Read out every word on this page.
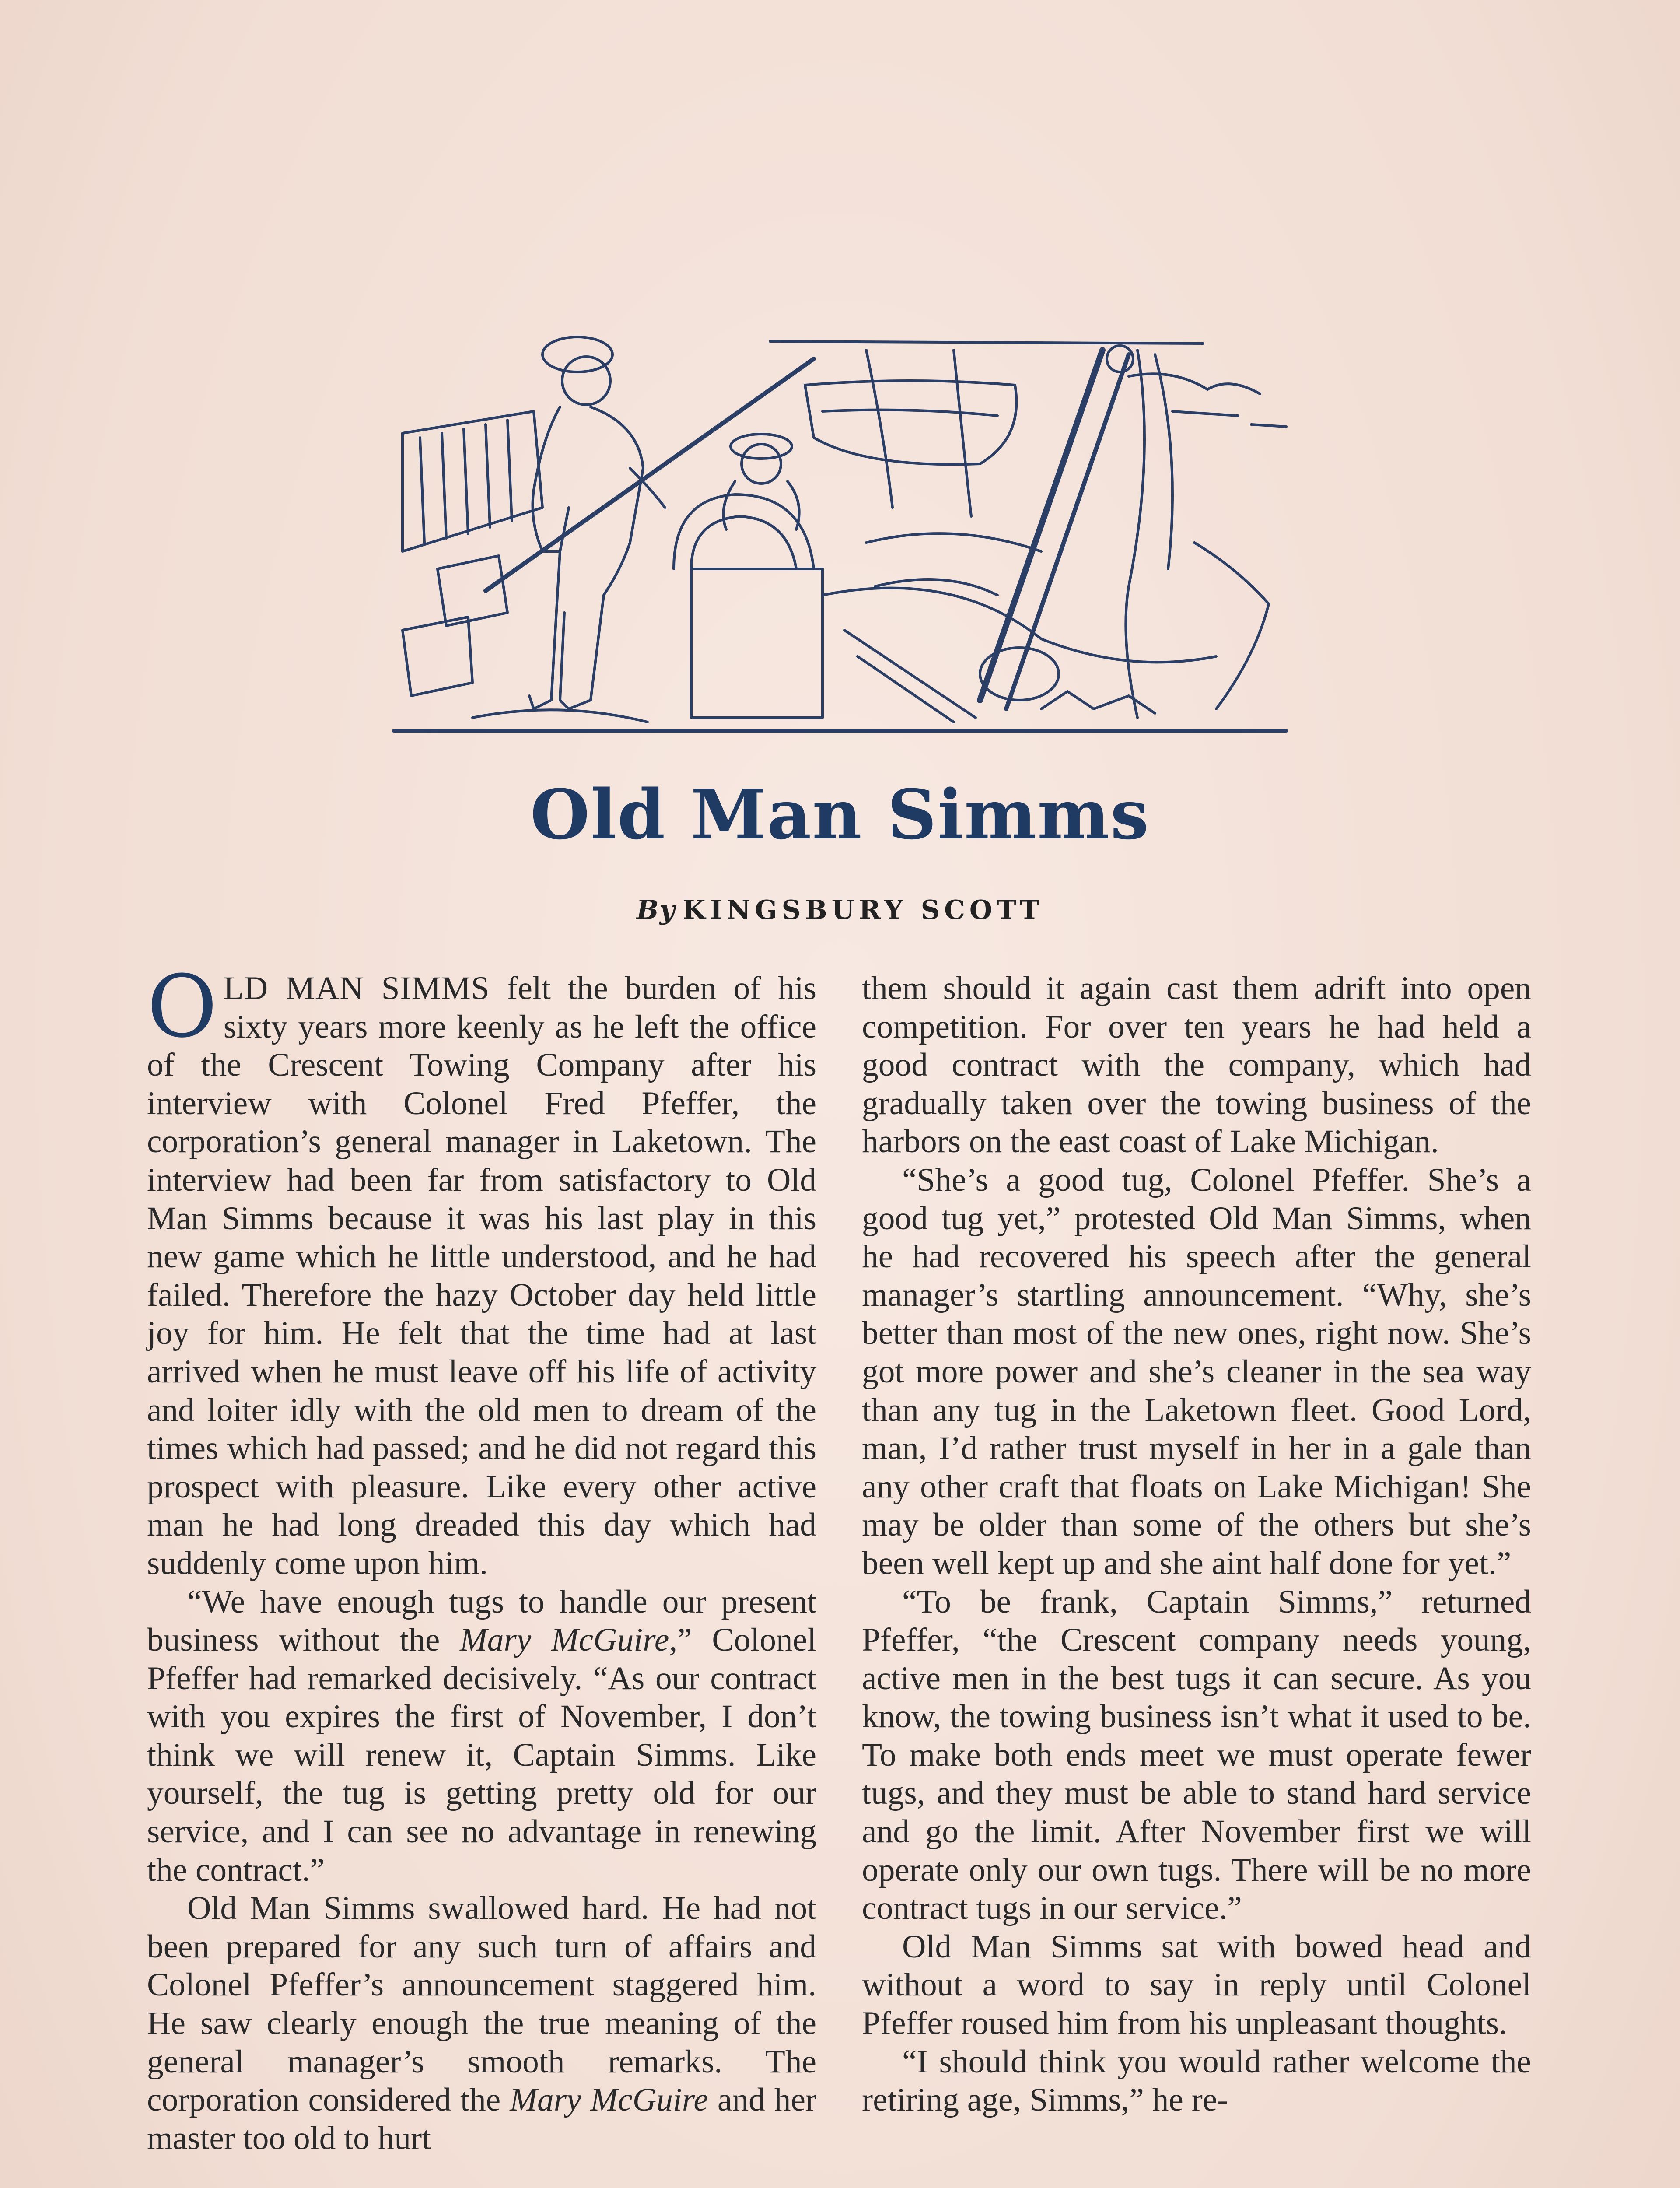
Old Man Simms
By KINGSBURY SCOTT

OLD MAN SIMMS felt the burden of his sixty years more keenly as he left the office of the Crescent Towing Company after his interview with Colonel Fred Pfeffer, the corporation’s general manager in Laketown. The interview had been far from satisfactory to Old Man Simms because it was his last play in this new game which he little understood, and he had failed. Therefore the hazy October day held little joy for him. He felt that the time had at last arrived when he must leave off his life of activity and loiter idly with the old men to dream of the times which had passed; and he did not regard this prospect with pleasure. Like every other active man he had long dreaded this day which had suddenly come upon him.

“We have enough tugs to handle our present business without the Mary McGuire,” Colonel Pfeffer had remarked decisively. “As our contract with you expires the first of November, I don’t think we will renew it, Captain Simms. Like yourself, the tug is getting pretty old for our service, and I can see no advantage in renewing the contract.”

Old Man Simms swallowed hard. He had not been prepared for any such turn of affairs and Colonel Pfeffer’s announcement staggered him. He saw clearly enough the true meaning of the general manager’s smooth remarks. The corporation considered the Mary McGuire and her master too old to hurt

them should it again cast them adrift into open competition. For over ten years he had held a good contract with the company, which had gradually taken over the towing business of the harbors on the east coast of Lake Michigan.

“She’s a good tug, Colonel Pfeffer. She’s a good tug yet,” protested Old Man Simms, when he had recovered his speech after the general manager’s startling announcement. “Why, she’s better than most of the new ones, right now. She’s got more power and she’s cleaner in the sea way than any tug in the Laketown fleet. Good Lord, man, I’d rather trust myself in her in a gale than any other craft that floats on Lake Michigan! She may be older than some of the others but she’s been well kept up and she aint half done for yet.”

“To be frank, Captain Simms,” returned Pfeffer, “the Crescent company needs young, active men in the best tugs it can secure. As you know, the towing business isn’t what it used to be. To make both ends meet we must operate fewer tugs, and they must be able to stand hard service and go the limit. After November first we will operate only our own tugs. There will be no more contract tugs in our service.”

Old Man Simms sat with bowed head and without a word to say in reply until Colonel Pfeffer roused him from his unpleasant thoughts.

“I should think you would rather welcome the retiring age, Simms,” he re-
